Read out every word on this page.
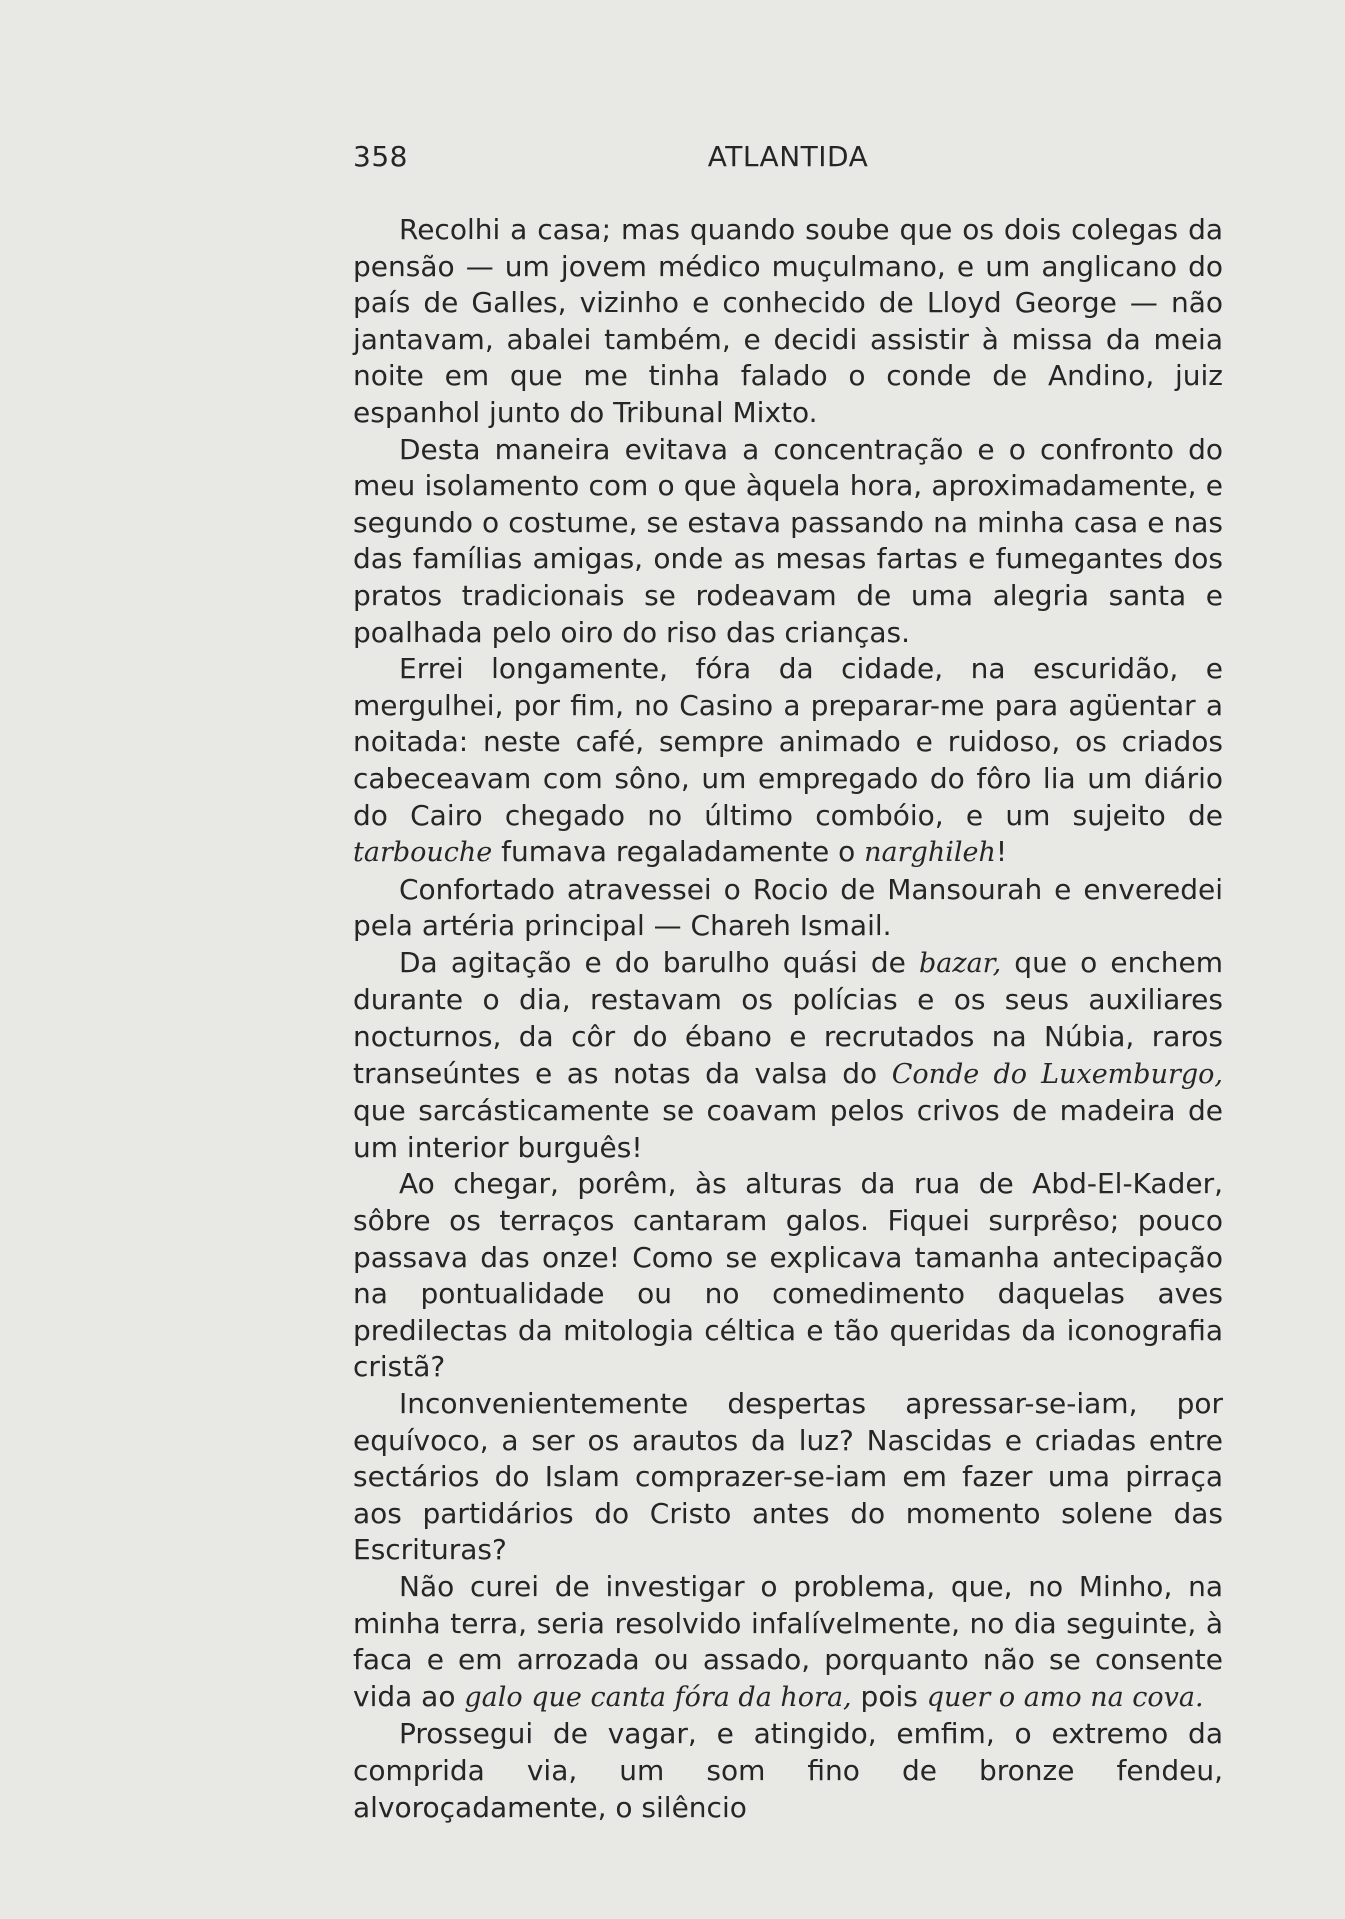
358	ATLANTIDA

Recolhi a casa; mas quando soube que os dois colegas da pensão — um jovem médico muçulmano, e um anglicano do país de Galles, vizinho e conhecido de Lloyd George — não jantavam, abalei também, e decidi assistir à missa da meia noite em que me tinha falado o conde de Andino, juiz espanhol junto do Tribunal Mixto.

Desta maneira evitava a concentração e o confronto do meu isolamento com o que àquela hora, aproximadamente, e segundo o costume, se estava passando na minha casa e nas das famílias amigas, onde as mesas fartas e fumegantes dos pratos tradicionais se rodeavam de uma alegria santa e poalhada pelo oiro do riso das crianças.

Errei longamente, fóra da cidade, na escuridão, e mergulhei, por fim, no Casino a preparar-me para agüentar a noitada: neste café, sempre animado e ruidoso, os criados cabeceavam com sôno, um empregado do fôro lia um diário do Cairo chegado no último combóio, e um sujeito de tarbouche fumava regaladamente o narghileh!

Confortado atravessei o Rocio de Mansourah e enveredei pela artéria principal — Chareh Ismail.

Da agitação e do barulho quási de bazar, que o enchem durante o dia, restavam os polícias e os seus auxiliares nocturnos, da côr do ébano e recrutados na Núbia, raros transeúntes e as notas da valsa do Conde do Luxemburgo, que sarcásticamente se coavam pelos crivos de madeira de um interior burguês!

Ao chegar, porêm, às alturas da rua de Abd-El-Kader, sôbre os terraços cantaram galos. Fiquei surprêso; pouco passava das onze! Como se explicava tamanha antecipação na pontualidade ou no comedimento daquelas aves predilectas da mitologia céltica e tão queridas da iconografia cristã?

Inconvenientemente despertas apressar-se-iam, por equívoco, a ser os arautos da luz? Nascidas e criadas entre sectários do Islam comprazer-se-iam em fazer uma pirraça aos partidários do Cristo antes do momento solene das Escrituras?

Não curei de investigar o problema, que, no Minho, na minha terra, seria resolvido infalívelmente, no dia seguinte, à faca e em arrozada ou assado, porquanto não se consente vida ao galo que canta fóra da hora, pois quer o amo na cova.

Prossegui de vagar, e atingido, emfim, o extremo da comprida via, um som fino de bronze fendeu, alvoroçadamente, o silêncio
